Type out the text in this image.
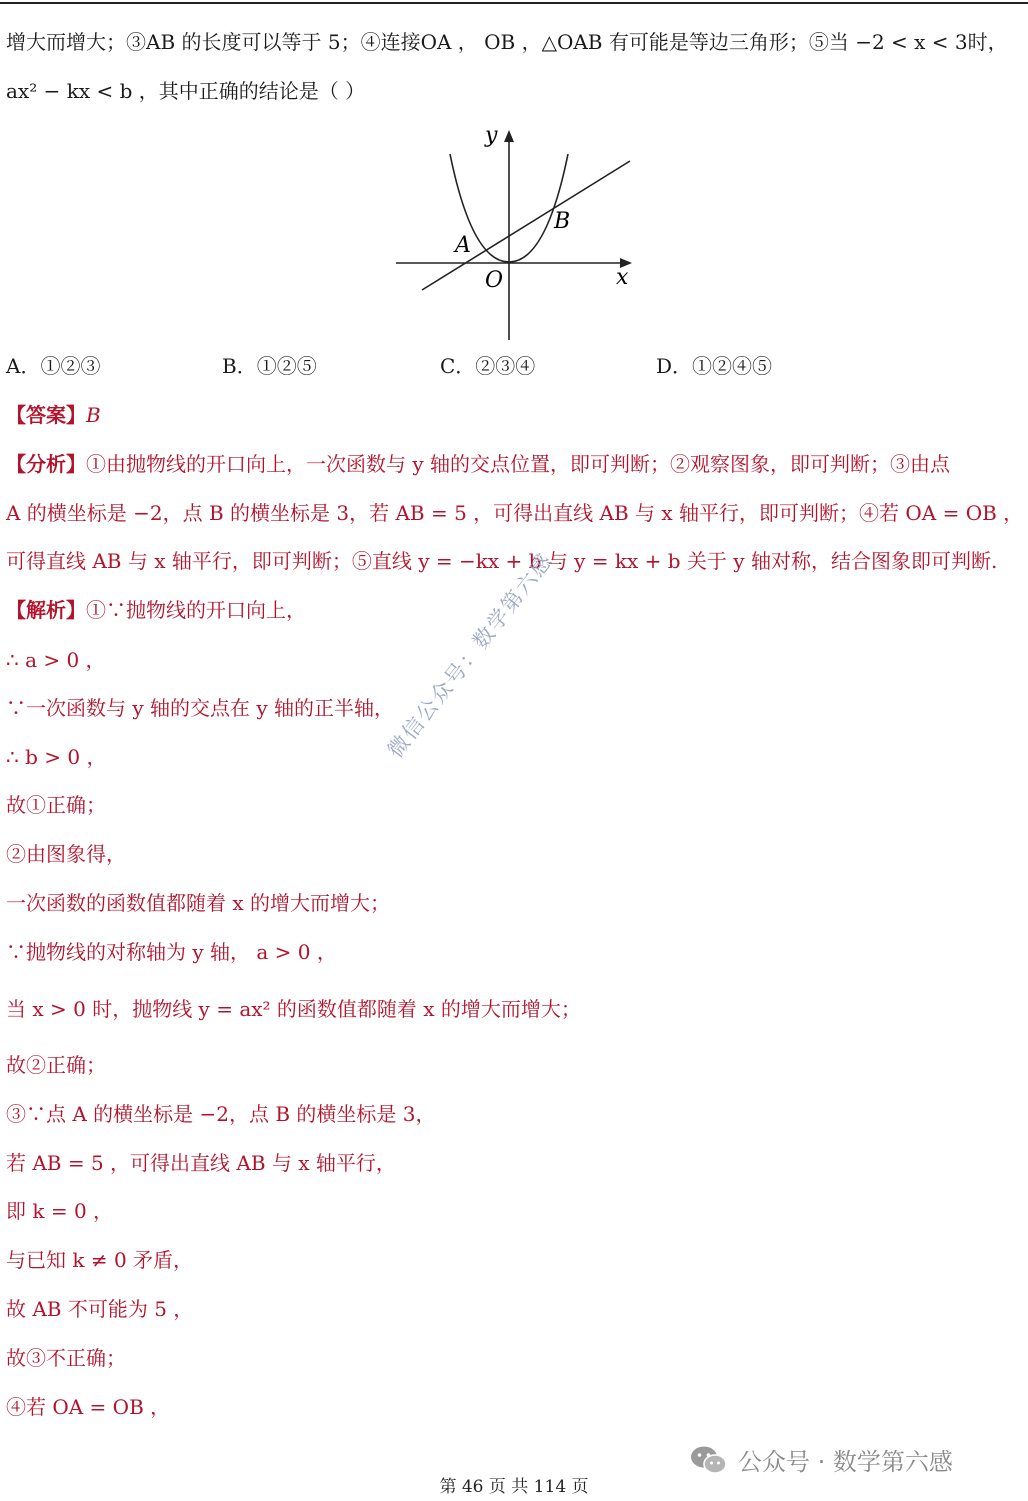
增大而增大；③AB 的长度可以等于 5；④连接OA ， OB ，△OAB 有可能是等边三角形；⑤当 −2 < x < 3时，
ax² − kx < b ，其中正确的结论是（ ）
y
x
O
A
B
A．①②③	B．①②⑤	C．②③④	D．①②④⑤
【答案】B
【分析】①由抛物线的开口向上，一次函数与 y 轴的交点位置，即可判断；②观察图象，即可判断；③由点
A 的横坐标是 −2，点 B 的横坐标是 3，若 AB = 5 ，可得出直线 AB 与 x 轴平行，即可判断；④若 OA = OB ，
可得直线 AB 与 x 轴平行，即可判断；⑤直线 y = −kx + b 与 y = kx + b 关于 y 轴对称，结合图象即可判断.
【解析】①∵抛物线的开口向上，
∴ a > 0 ，
∵一次函数与 y 轴的交点在 y 轴的正半轴，
∴ b > 0 ，
故①正确；
②由图象得，
一次函数的函数值都随着 x 的增大而增大；
∵抛物线的对称轴为 y 轴， a > 0 ，
当 x > 0 时，抛物线 y = ax² 的函数值都随着 x 的增大而增大；
故②正确；
③∵点 A 的横坐标是 −2，点 B 的横坐标是 3，
若 AB = 5 ，可得出直线 AB 与 x 轴平行，
即 k = 0 ，
与已知 k ≠ 0 矛盾，
故 AB 不可能为 5 ，
故③不正确；
④若 OA = OB ，
微信公众号：数学第六感
公众号 · 数学第六感
第 46 页 共 114 页
